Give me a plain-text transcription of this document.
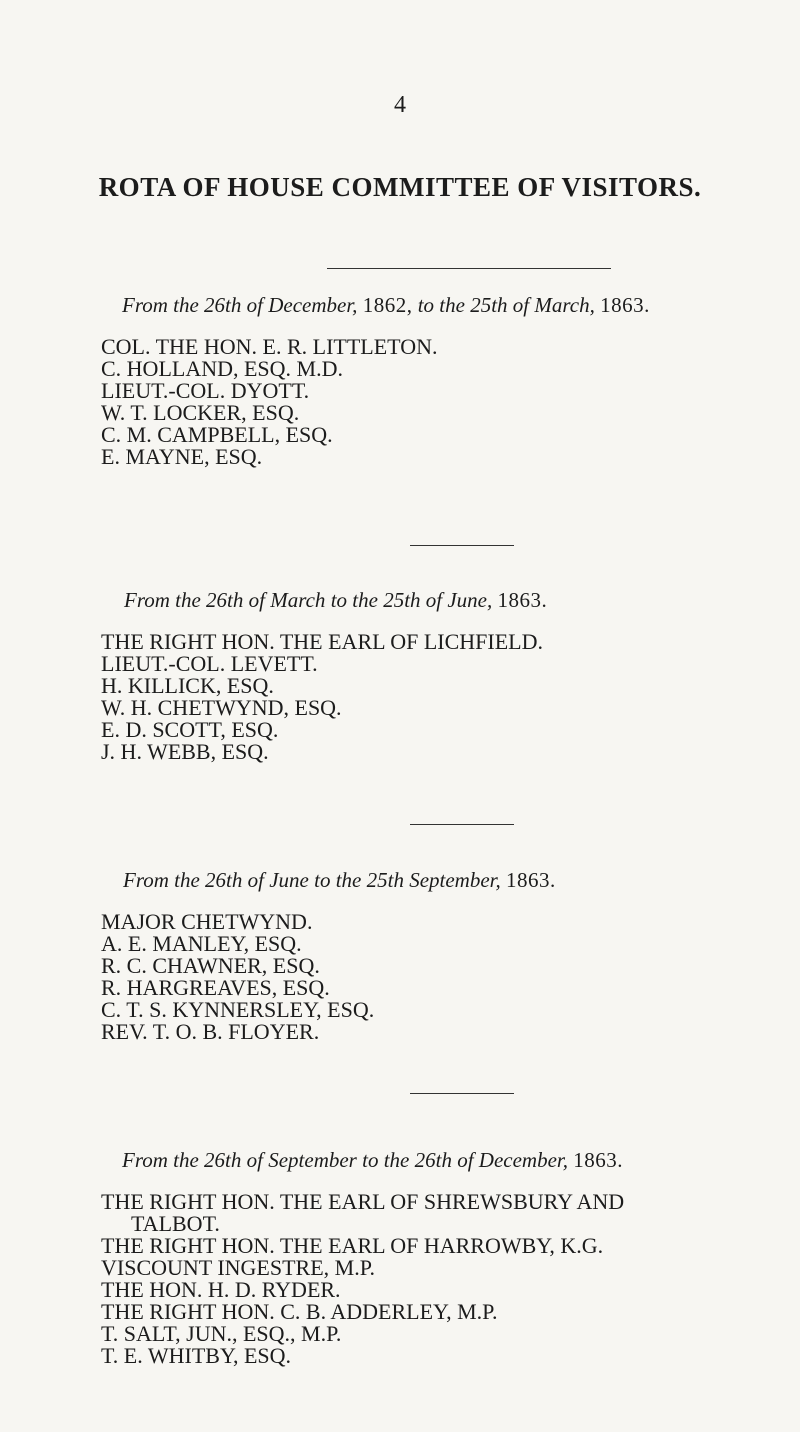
4
ROTA OF HOUSE COMMITTEE OF VISITORS.
From the 26th of December, 1862, to the 25th of March, 1863.
COL. THE HON. E. R. LITTLETON.
C. HOLLAND, ESQ. M.D.
LIEUT.-COL. DYOTT.
W. T. LOCKER, ESQ.
C. M. CAMPBELL, ESQ.
E. MAYNE, ESQ.
From the 26th of March to the 25th of June, 1863.
THE RIGHT HON. THE EARL OF LICHFIELD.
LIEUT.-COL. LEVETT.
H. KILLICK, ESQ.
W. H. CHETWYND, ESQ.
E. D. SCOTT, ESQ.
J. H. WEBB, ESQ.
From the 26th of June to the 25th September, 1863.
MAJOR CHETWYND.
A. E. MANLEY, ESQ.
R. C. CHAWNER, ESQ.
R. HARGREAVES, ESQ.
C. T. S. KYNNERSLEY, ESQ.
REV. T. O. B. FLOYER.
From the 26th of September to the 26th of December, 1863.
THE RIGHT HON. THE EARL OF SHREWSBURY AND
TALBOT.
THE RIGHT HON. THE EARL OF HARROWBY, K.G.
VISCOUNT INGESTRE, M.P.
THE HON. H. D. RYDER.
THE RIGHT HON. C. B. ADDERLEY, M.P.
T. SALT, JUN., ESQ., M.P.
T. E. WHITBY, ESQ.
